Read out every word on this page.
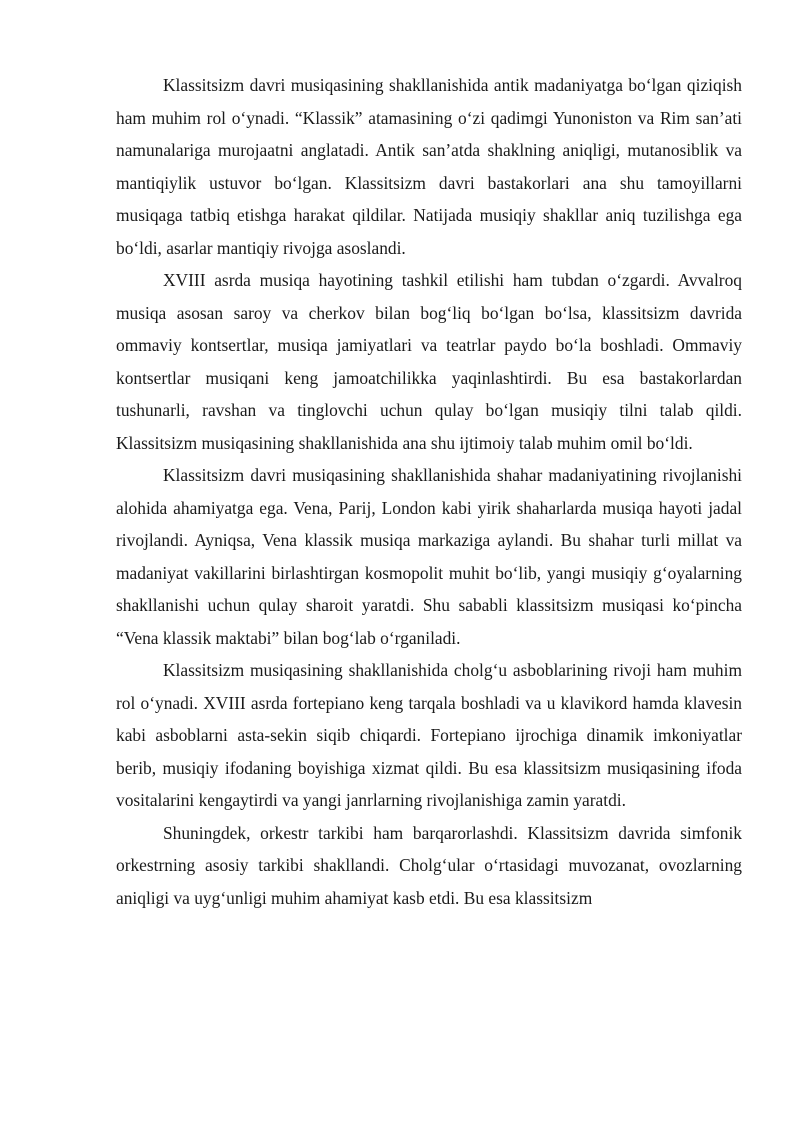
Klassitsizm davri musiqasining shakllanishida antik madaniyatga bo‘lgan qiziqish ham muhim rol o‘ynadi. “Klassik” atamasining o‘zi qadimgi Yunoniston va Rim san’ati namunalariga murojaatni anglatadi. Antik san’atda shaklning aniqligi, mutanosiblik va mantiqiylik ustuvor bo‘lgan. Klassitsizm davri bastakorlari ana shu tamoyillarni musiqaga tatbiq etishga harakat qildilar. Natijada musiqiy shakllar aniq tuzilishga ega bo‘ldi, asarlar mantiqiy rivojga asoslandi.

XVIII asrda musiqa hayotining tashkil etilishi ham tubdan o‘zgardi. Avvalroq musiqa asosan saroy va cherkov bilan bog‘liq bo‘lgan bo‘lsa, klassitsizm davrida ommaviy kontsertlar, musiqa jamiyatlari va teatrlar paydo bo‘la boshladi. Ommaviy kontsertlar musiqani keng jamoatchilikka yaqinlashtirdi. Bu esa bastakorlardan tushunarli, ravshan va tinglovchi uchun qulay bo‘lgan musiqiy tilni talab qildi. Klassitsizm musiqasining shakllanishida ana shu ijtimoiy talab muhim omil bo‘ldi.

Klassitsizm davri musiqasining shakllanishida shahar madaniyatining rivojlanishi alohida ahamiyatga ega. Vena, Parij, London kabi yirik shaharlarda musiqa hayoti jadal rivojlandi. Ayniqsa, Vena klassik musiqa markaziga aylandi. Bu shahar turli millat va madaniyat vakillarini birlashtirgan kosmopolit muhit bo‘lib, yangi musiqiy g‘oyalarning shakllanishi uchun qulay sharoit yaratdi. Shu sababli klassitsizm musiqasi ko‘pincha “Vena klassik maktabi” bilan bog‘lab o‘rganiladi.

Klassitsizm musiqasining shakllanishida cholg‘u asboblarining rivoji ham muhim rol o‘ynadi. XVIII asrda fortepiano keng tarqala boshladi va u klavikord hamda klavesin kabi asboblarni asta-sekin siqib chiqardi. Fortepiano ijrochiga dinamik imkoniyatlar berib, musiqiy ifodaning boyishiga xizmat qildi. Bu esa klassitsizm musiqasining ifoda vositalarini kengaytirdi va yangi janrlarning rivojlanishiga zamin yaratdi.

Shuningdek, orkestr tarkibi ham barqarorlashdi. Klassitsizm davrida simfonik orkestrning asosiy tarkibi shakllandi. Cholg‘ular o‘rtasidagi muvozanat, ovozlarning aniqligi va uyg‘unligi muhim ahamiyat kasb etdi. Bu esa klassitsizm
